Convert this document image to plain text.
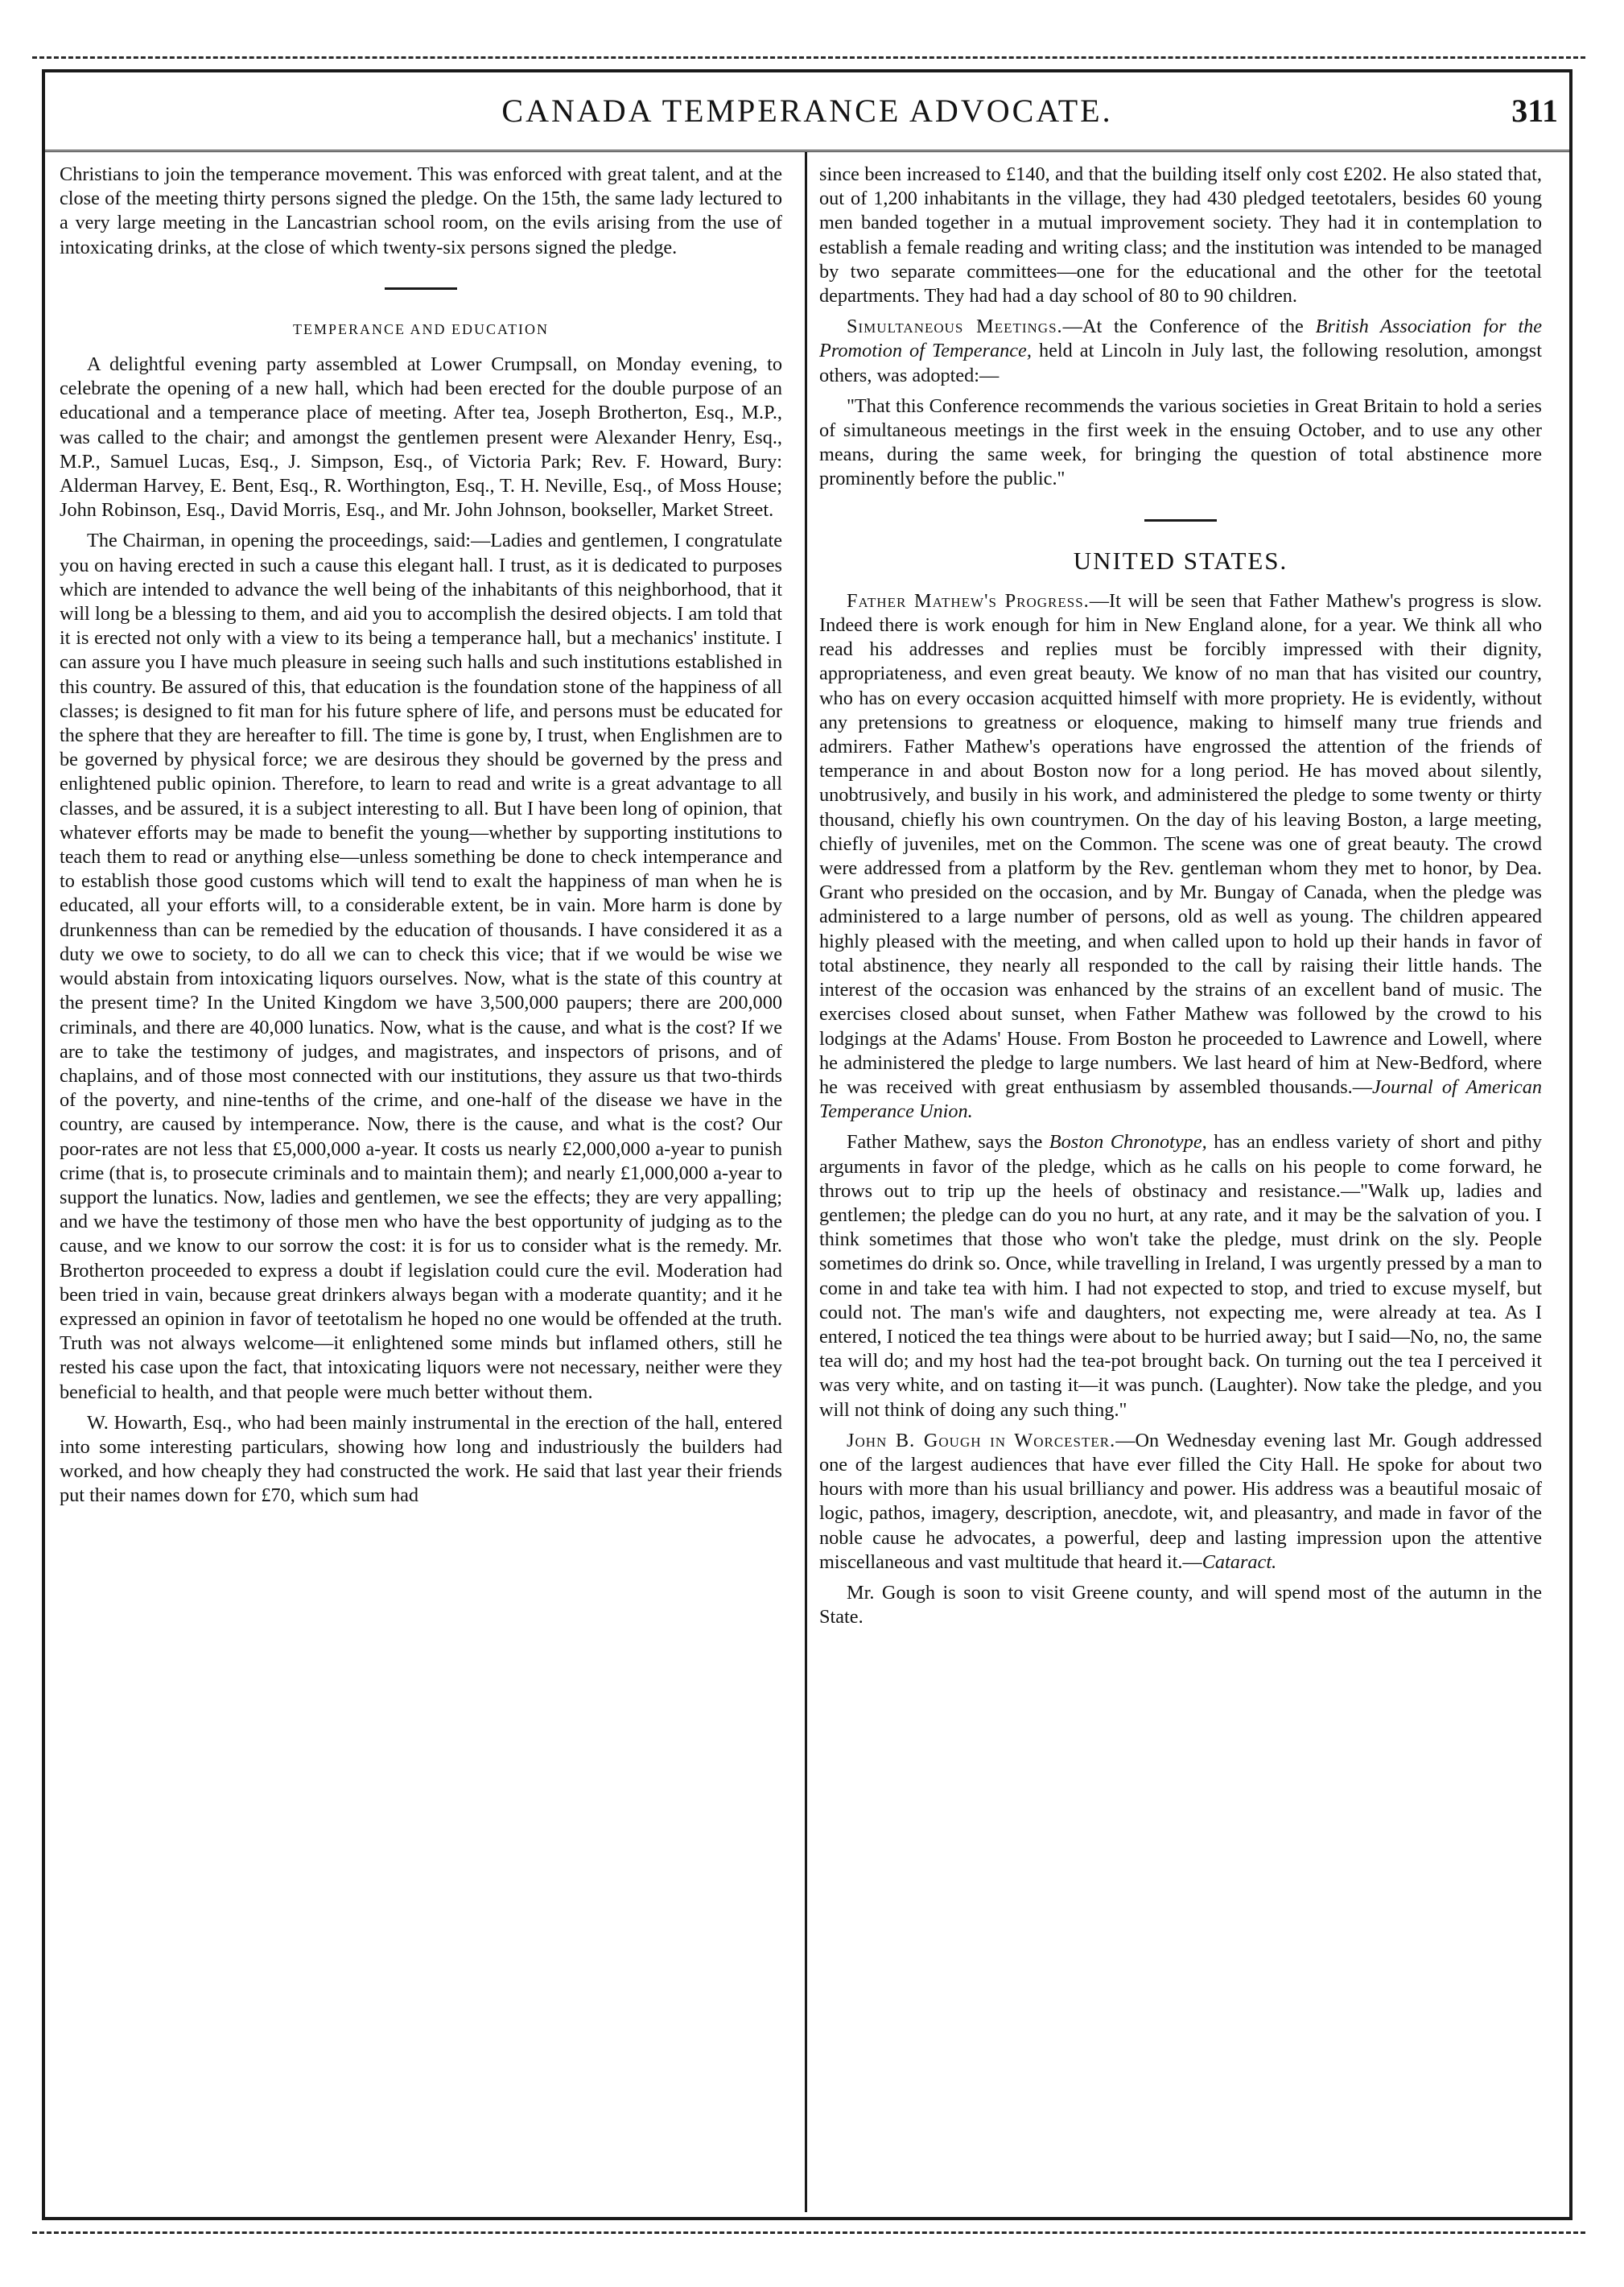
CANADA TEMPERANCE ADVOCATE.	311

Christians to join the temperance movement. This was enforced with great talent, and at the close of the meeting thirty persons signed the pledge. On the 15th, the same lady lectured to a very large meeting in the Lancastrian school room, on the evils arising from the use of intoxicating drinks, at the close of which twenty-six persons signed the pledge.

TEMPERANCE AND EDUCATION

A delightful evening party assembled at Lower Crumpsall, on Monday evening, to celebrate the opening of a new hall, which had been erected for the double purpose of an educational and a temperance place of meeting. After tea, Joseph Brotherton, Esq., M.P., was called to the chair; and amongst the gentlemen present were Alexander Henry, Esq., M.P., Samuel Lucas, Esq., J. Simpson, Esq., of Victoria Park; Rev. F. Howard, Bury: Alderman Harvey, E. Bent, Esq., R. Worthington, Esq., T. H. Neville, Esq., of Moss House; John Robinson, Esq., David Morris, Esq., and Mr. John Johnson, bookseller, Market Street.

The Chairman, in opening the proceedings, said:—Ladies and gentlemen, I congratulate you on having erected in such a cause this elegant hall. I trust, as it is dedicated to purposes which are intended to advance the well being of the inhabitants of this neighborhood, that it will long be a blessing to them, and aid you to accomplish the desired objects. I am told that it is erected not only with a view to its being a temperance hall, but a mechanics' institute. I can assure you I have much pleasure in seeing such halls and such institutions established in this country. Be assured of this, that education is the foundation stone of the happiness of all classes; is designed to fit man for his future sphere of life, and persons must be educated for the sphere that they are hereafter to fill. The time is gone by, I trust, when Englishmen are to be governed by physical force; we are desirous they should be governed by the press and enlightened public opinion. Therefore, to learn to read and write is a great advantage to all classes, and be assured, it is a subject interesting to all. But I have been long of opinion, that whatever efforts may be made to benefit the young—whether by supporting institutions to teach them to read or anything else—unless something be done to check intemperance and to establish those good customs which will tend to exalt the happiness of man when he is educated, all your efforts will, to a considerable extent, be in vain. More harm is done by drunkenness than can be remedied by the education of thousands. I have considered it as a duty we owe to society, to do all we can to check this vice; that if we would be wise we would abstain from intoxicating liquors ourselves. Now, what is the state of this country at the present time? In the United Kingdom we have 3,500,000 paupers; there are 200,000 criminals, and there are 40,000 lunatics. Now, what is the cause, and what is the cost? If we are to take the testimony of judges, and magistrates, and inspectors of prisons, and of chaplains, and of those most connected with our institutions, they assure us that two-thirds of the poverty, and nine-tenths of the crime, and one-half of the disease we have in the country, are caused by intemperance. Now, there is the cause, and what is the cost? Our poor-rates are not less that £5,000,000 a-year. It costs us nearly £2,000,000 a-year to punish crime (that is, to prosecute criminals and to maintain them); and nearly £1,000,000 a-year to support the lunatics. Now, ladies and gentlemen, we see the effects; they are very appalling; and we have the testimony of those men who have the best opportunity of judging as to the cause, and we know to our sorrow the cost: it is for us to consider what is the remedy. Mr. Brotherton proceeded to express a doubt if legislation could cure the evil. Moderation had been tried in vain, because great drinkers always began with a moderate quantity; and it he expressed an opinion in favor of teetotalism he hoped no one would be offended at the truth. Truth was not always welcome—it enlightened some minds but inflamed others, still he rested his case upon the fact, that intoxicating liquors were not necessary, neither were they beneficial to health, and that people were much better without them.

W. Howarth, Esq., who had been mainly instrumental in the erection of the hall, entered into some interesting particulars, showing how long and industriously the builders had worked, and how cheaply they had constructed the work. He said that last year their friends put their names down for £70, which sum had

since been increased to £140, and that the building itself only cost £202. He also stated that, out of 1,200 inhabitants in the village, they had 430 pledged teetotalers, besides 60 young men banded together in a mutual improvement society. They had it in contemplation to establish a female reading and writing class; and the institution was intended to be managed by two separate committees—one for the educational and the other for the teetotal departments. They had had a day school of 80 to 90 children.

Simultaneous Meetings.—At the Conference of the British Association for the Promotion of Temperance, held at Lincoln in July last, the following resolution, amongst others, was adopted:—

"That this Conference recommends the various societies in Great Britain to hold a series of simultaneous meetings in the first week in the ensuing October, and to use any other means, during the same week, for bringing the question of total abstinence more prominently before the public."

UNITED STATES.

Father Mathew's Progress.—It will be seen that Father Mathew's progress is slow. Indeed there is work enough for him in New England alone, for a year. We think all who read his addresses and replies must be forcibly impressed with their dignity, appropriateness, and even great beauty. We know of no man that has visited our country, who has on every occasion acquitted himself with more propriety. He is evidently, without any pretensions to greatness or eloquence, making to himself many true friends and admirers. Father Mathew's operations have engrossed the attention of the friends of temperance in and about Boston now for a long period. He has moved about silently, unobtrusively, and busily in his work, and administered the pledge to some twenty or thirty thousand, chiefly his own countrymen. On the day of his leaving Boston, a large meeting, chiefly of juveniles, met on the Common. The scene was one of great beauty. The crowd were addressed from a platform by the Rev. gentleman whom they met to honor, by Dea. Grant who presided on the occasion, and by Mr. Bungay of Canada, when the pledge was administered to a large number of persons, old as well as young. The children appeared highly pleased with the meeting, and when called upon to hold up their hands in favor of total abstinence, they nearly all responded to the call by raising their little hands. The interest of the occasion was enhanced by the strains of an excellent band of music. The exercises closed about sunset, when Father Mathew was followed by the crowd to his lodgings at the Adams' House. From Boston he proceeded to Lawrence and Lowell, where he administered the pledge to large numbers. We last heard of him at New-Bedford, where he was received with great enthusiasm by assembled thousands.—Journal of American Temperance Union.

Father Mathew, says the Boston Chronotype, has an endless variety of short and pithy arguments in favor of the pledge, which as he calls on his people to come forward, he throws out to trip up the heels of obstinacy and resistance.—"Walk up, ladies and gentlemen; the pledge can do you no hurt, at any rate, and it may be the salvation of you. I think sometimes that those who won't take the pledge, must drink on the sly. People sometimes do drink so. Once, while travelling in Ireland, I was urgently pressed by a man to come in and take tea with him. I had not expected to stop, and tried to excuse myself, but could not. The man's wife and daughters, not expecting me, were already at tea. As I entered, I noticed the tea things were about to be hurried away; but I said—No, no, the same tea will do; and my host had the tea-pot brought back. On turning out the tea I perceived it was very white, and on tasting it—it was punch. (Laughter). Now take the pledge, and you will not think of doing any such thing."

John B. Gough in Worcester.—On Wednesday evening last Mr. Gough addressed one of the largest audiences that have ever filled the City Hall. He spoke for about two hours with more than his usual brilliancy and power. His address was a beautiful mosaic of logic, pathos, imagery, description, anecdote, wit, and pleasantry, and made in favor of the noble cause he advocates, a powerful, deep and lasting impression upon the attentive miscellaneous and vast multitude that heard it.—Cataract.

Mr. Gough is soon to visit Greene county, and will spend most of the autumn in the State.
